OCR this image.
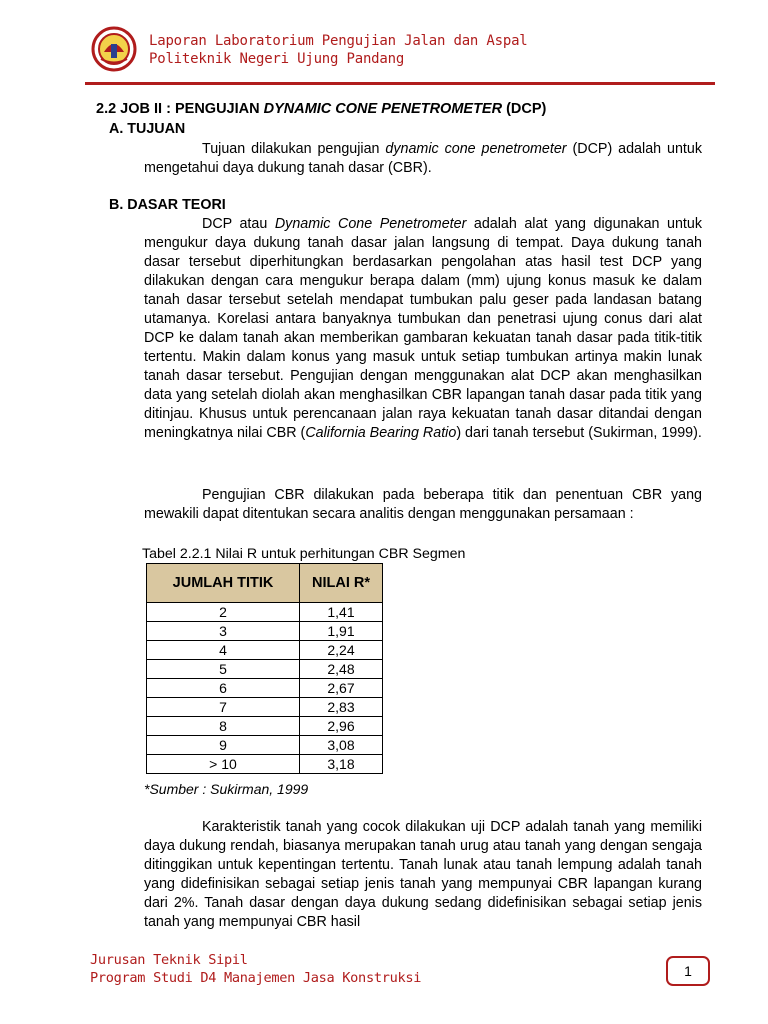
Laporan Laboratorium Pengujian Jalan dan Aspal
Politeknik Negeri Ujung Pandang
2.2 JOB II : PENGUJIAN DYNAMIC CONE PENETROMETER (DCP)
A. TUJUAN
Tujuan dilakukan pengujian dynamic cone penetrometer (DCP) adalah untuk mengetahui daya dukung tanah dasar (CBR).
B. DASAR TEORI
DCP atau Dynamic Cone Penetrometer adalah alat yang digunakan untuk mengukur daya dukung tanah dasar jalan langsung di tempat. Daya dukung tanah dasar tersebut diperhitungkan berdasarkan pengolahan atas hasil test DCP yang dilakukan dengan cara mengukur berapa dalam (mm) ujung konus masuk ke dalam tanah dasar tersebut setelah mendapat tumbukan palu geser pada landasan batang utamanya. Korelasi antara banyaknya tumbukan dan penetrasi ujung conus dari alat DCP ke dalam tanah akan memberikan gambaran kekuatan tanah dasar pada titik-titik tertentu. Makin dalam konus yang masuk untuk setiap tumbukan artinya makin lunak tanah dasar tersebut. Pengujian dengan menggunakan alat DCP akan menghasilkan data yang setelah diolah akan menghasilkan CBR lapangan tanah dasar pada titik yang ditinjau. Khusus untuk perencanaan jalan raya kekuatan tanah dasar ditandai dengan meningkatnya nilai CBR (California Bearing Ratio) dari tanah tersebut (Sukirman, 1999).
Pengujian CBR dilakukan pada beberapa titik dan penentuan CBR yang mewakili dapat ditentukan secara analitis dengan menggunakan persamaan :
Tabel 2.2.1 Nilai R untuk perhitungan CBR Segmen
JUMLAH TITIK	NILAI R*
2	1,41
3	1,91
4	2,24
5	2,48
6	2,67
7	2,83
8	2,96
9	3,08
> 10	3,18
*Sumber : Sukirman, 1999
Karakteristik tanah yang cocok dilakukan uji DCP adalah tanah yang memiliki daya dukung rendah, biasanya merupakan tanah urug atau tanah yang dengan sengaja ditinggikan untuk kepentingan tertentu. Tanah lunak atau tanah lempung adalah tanah yang didefinisikan sebagai setiap jenis tanah yang mempunyai CBR lapangan kurang dari 2%. Tanah dasar dengan daya dukung sedang didefinisikan sebagai setiap jenis tanah yang mempunyai CBR hasil
Jurusan Teknik Sipil
Program Studi D4 Manajemen Jasa Konstruksi	1
